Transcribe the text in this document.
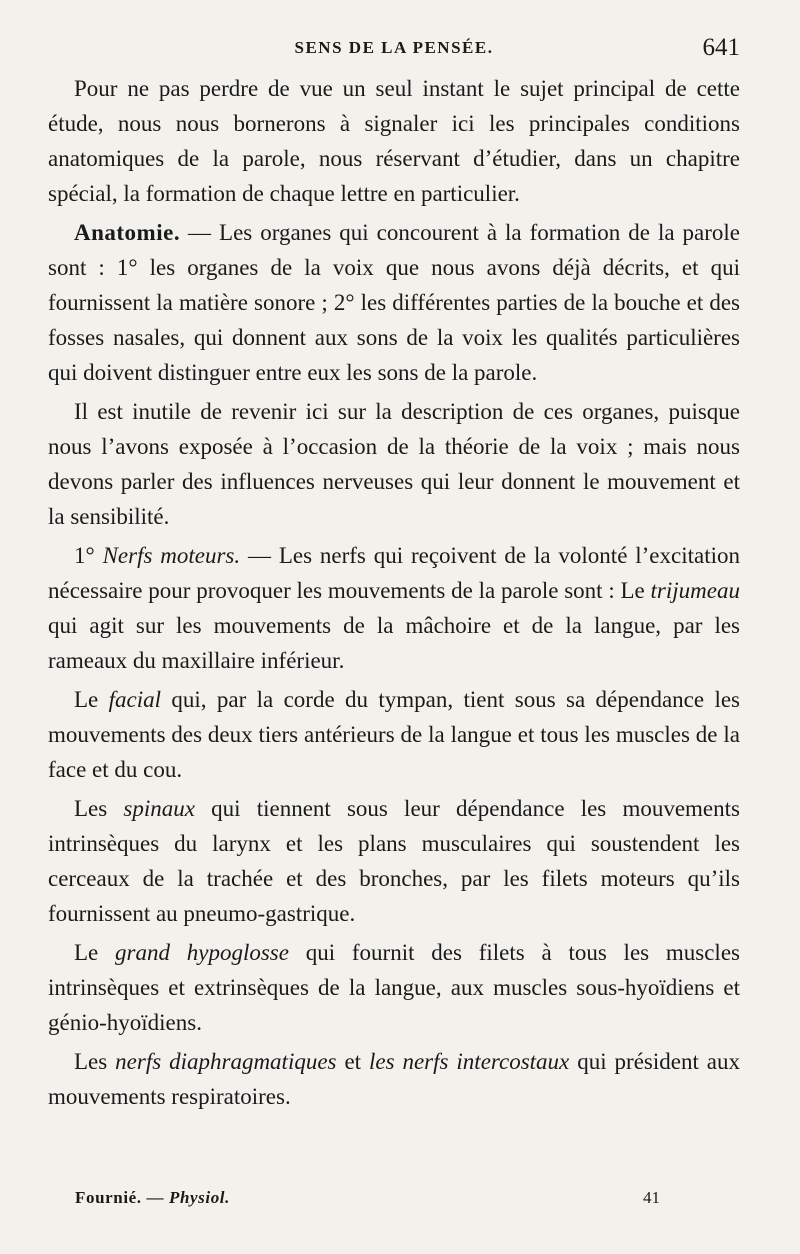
SENS DE LA PENSÉE.	641

Pour ne pas perdre de vue un seul instant le sujet principal de cette étude, nous nous bornerons à signaler ici les principales conditions anatomiques de la parole, nous réservant d’étudier, dans un chapitre spécial, la formation de chaque lettre en particulier.

Anatomie. — Les organes qui concourent à la formation de la parole sont : 1° les organes de la voix que nous avons déjà décrits, et qui fournissent la matière sonore ; 2° les différentes parties de la bouche et des fosses nasales, qui donnent aux sons de la voix les qualités particulières qui doivent distinguer entre eux les sons de la parole.

Il est inutile de revenir ici sur la description de ces organes, puisque nous l’avons exposée à l’occasion de la théorie de la voix ; mais nous devons parler des influences nerveuses qui leur donnent le mouvement et la sensibilité.

1° Nerfs moteurs. — Les nerfs qui reçoivent de la volonté l’excitation nécessaire pour provoquer les mouvements de la parole sont : Le trijumeau qui agit sur les mouvements de la mâchoire et de la langue, par les rameaux du maxillaire inférieur.

Le facial qui, par la corde du tympan, tient sous sa dépendance les mouvements des deux tiers antérieurs de la langue et tous les muscles de la face et du cou.

Les spinaux qui tiennent sous leur dépendance les mouvements intrinsèques du larynx et les plans musculaires qui soustendent les cerceaux de la trachée et des bronches, par les filets moteurs qu’ils fournissent au pneumo-gastrique.

Le grand hypoglosse qui fournit des filets à tous les muscles intrinsèques et extrinsèques de la langue, aux muscles sous-hyoïdiens et génio-hyoïdiens.

Les nerfs diaphragmatiques et les nerfs intercostaux qui président aux mouvements respiratoires.

Fournié. — Physiol.	41
